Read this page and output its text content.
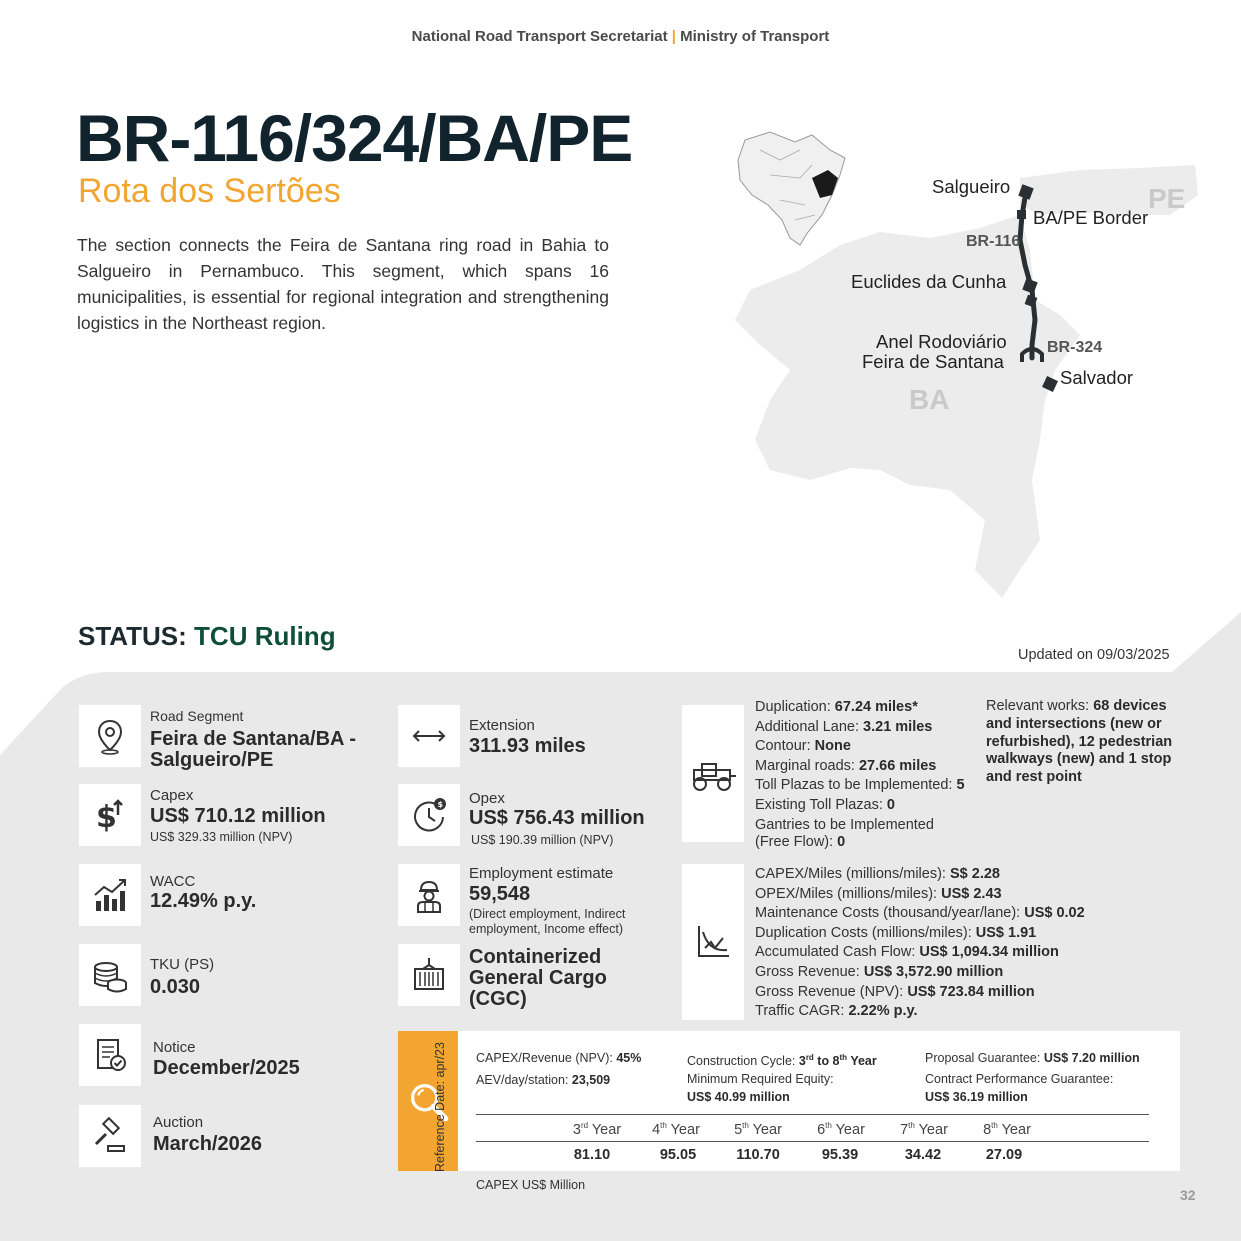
National Road Transport Secretariat | Ministry of Transport
BR-116/324/BA/PE
Rota dos Sertões
The section connects the Feira de Santana ring road in Bahia to Salgueiro in Pernambuco. This segment, which spans 16 municipalities, is essential for regional integration and strengthening logistics in the Northeast region.
Salgueiro
BA/PE Border
BR-116
Euclides da Cunha
Anel Rodoviário
Feira de Santana
BR-324
Salvador
PE
BA
STATUS: TCU Ruling
Updated on 09/03/2025
Road Segment
Feira de Santana/BA -
Salgueiro/PE
$
Capex
US$ 710.12 million
US$ 329.33 million (NPV)
WACC
12.49% p.y.
TKU (PS)
0.030
Notice
December/2025
Auction
March/2026
Extension
311.93 miles
$ Opex
US$ 756.43 million
US$ 190.39 million (NPV)
Employment estimate
59,548
(Direct employment, Indirect
employment, Income effect)
Containerized
General Cargo
(CGC)
Duplication: 67.24 miles*
Additional Lane: 3.21 miles
Contour: None
Marginal roads: 27.66 miles
Toll Plazas to be Implemented: 5
Existing Toll Plazas: 0
Gantries to be Implemented
(Free Flow): 0
Relevant works: 68 devices
and intersections (new or
refurbished), 12 pedestrian
walkways (new) and 1 stop
and rest point
CAPEX/Miles (millions/miles): S$ 2.28
OPEX/Miles (millions/miles): US$ 2.43
Maintenance Costs (thousand/year/lane): US$ 0.02
Duplication Costs (millions/miles): US$ 1.91
Accumulated Cash Flow: US$ 1,094.34 million
Gross Revenue: US$ 3,572.90 million
Gross Revenue (NPV): US$ 723.84 million
Traffic CAGR: 2.22% p.y.
Reference Date: apr/23 CAPEX/Revenue (NPV): 45%
AEV/day/station: 23,509
Construction Cycle: 3rd to 8th Year
Minimum Required Equity:
US$ 40.99 million
Proposal Guarantee: US$ 7.20 million
Contract Performance Guarantee:
US$ 36.19 million
3rd Year	4th Year	5th Year	6th Year	7th Year	8th Year
81.10	95.05	110.70	95.39	34.42	27.09
CAPEX US$ Million
32
